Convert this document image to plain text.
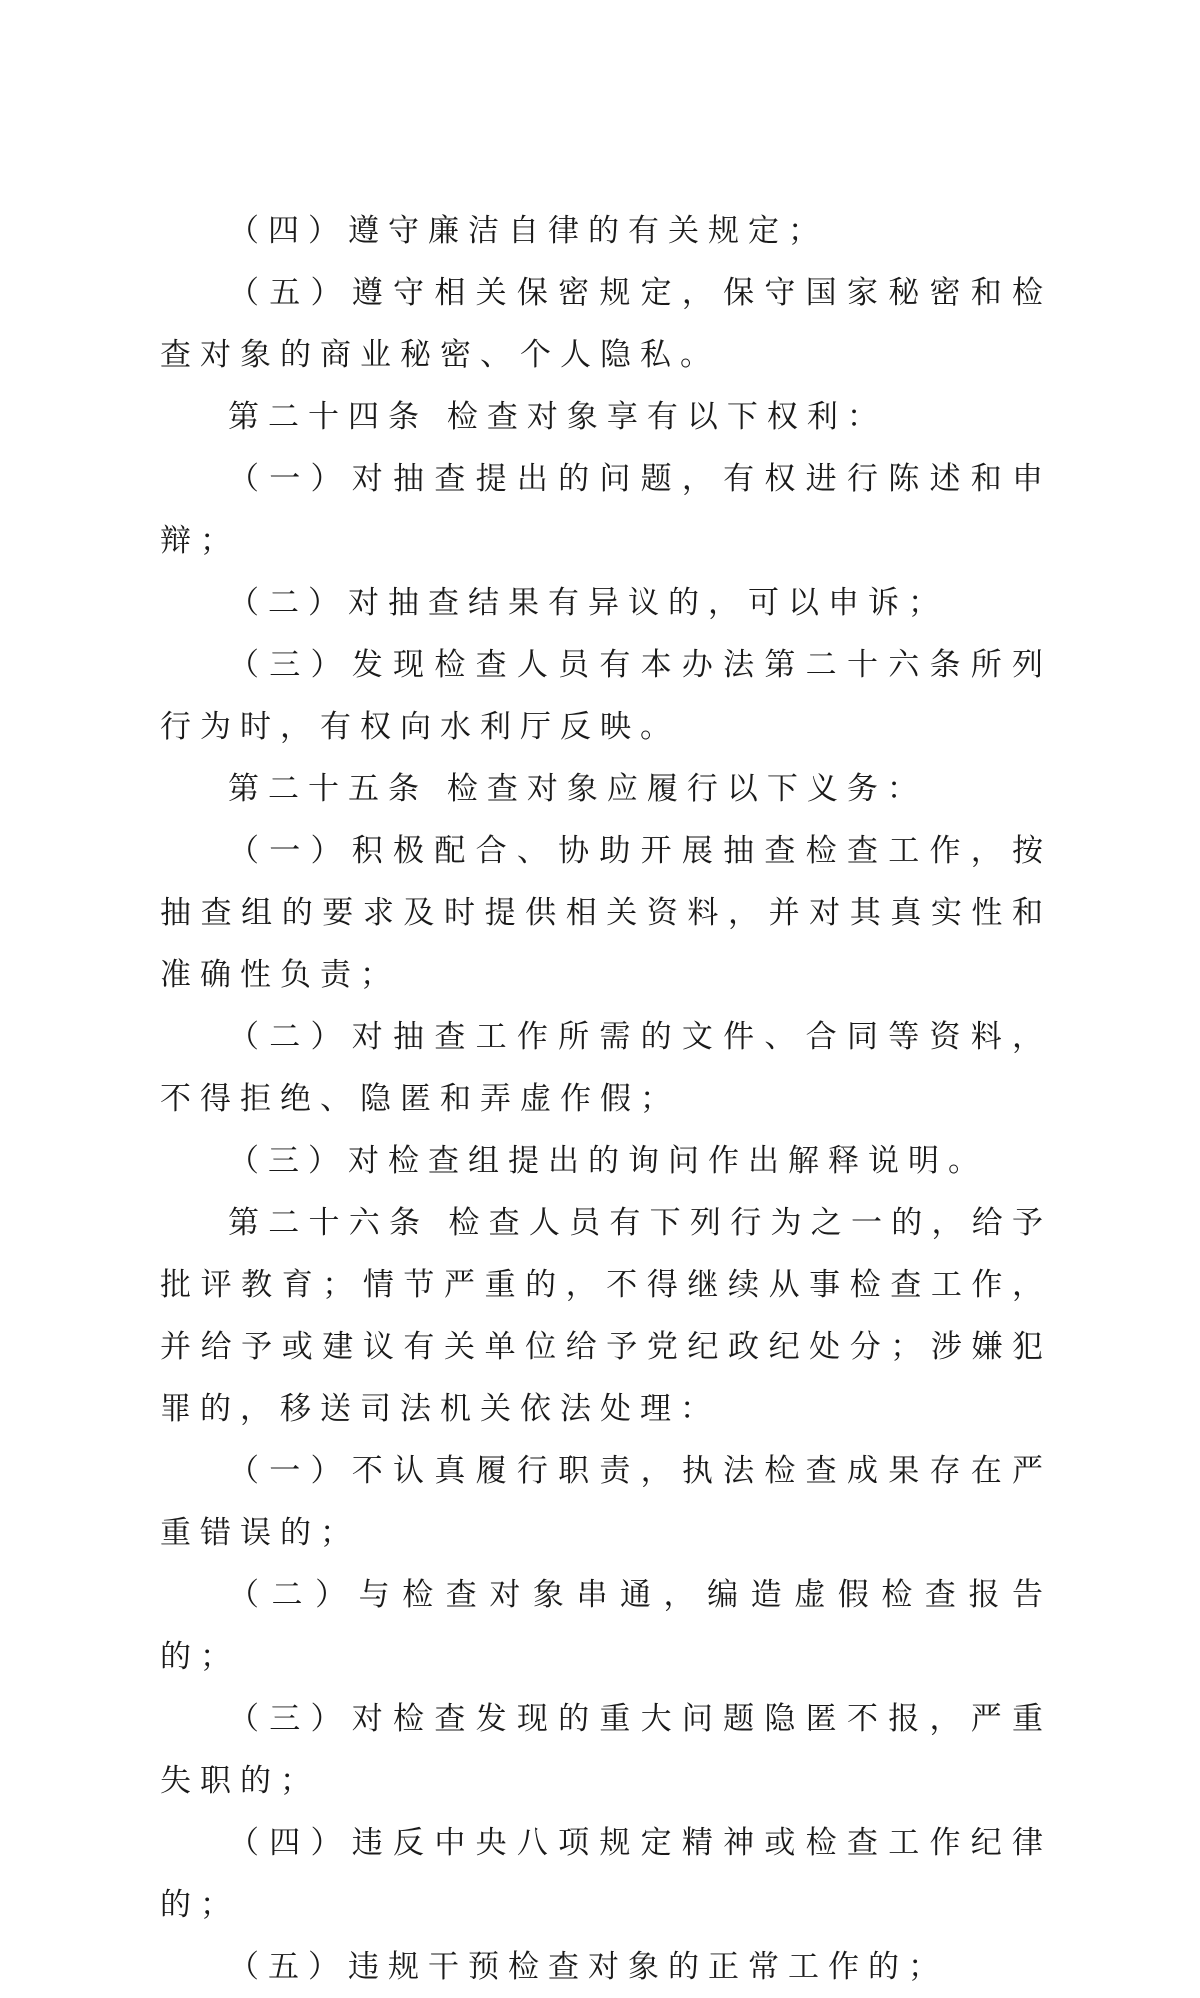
（四）遵守廉洁自律的有关规定；

（五）遵守相关保密规定，保守国家秘密和检查对象的商业秘密、个人隐私。

第二十四条 检查对象享有以下权利：

（一）对抽查提出的问题，有权进行陈述和申辩；

（二）对抽查结果有异议的，可以申诉；

（三）发现检查人员有本办法第二十六条所列行为时，有权向水利厅反映。

第二十五条 检查对象应履行以下义务：

（一）积极配合、协助开展抽查检查工作，按抽查组的要求及时提供相关资料，并对其真实性和准确性负责；

（二）对抽查工作所需的文件、合同等资料，不得拒绝、隐匿和弄虚作假；

（三）对检查组提出的询问作出解释说明。

第二十六条 检查人员有下列行为之一的，给予批评教育；情节严重的，不得继续从事检查工作，并给予或建议有关单位给予党纪政纪处分；涉嫌犯罪的，移送司法机关依法处理：

（一）不认真履行职责，执法检查成果存在严重错误的；

（二）与检查对象串通，编造虚假检查报告的；

（三）对检查发现的重大问题隐匿不报，严重失职的；

（四）违反中央八项规定精神或检查工作纪律的；

（五）违规干预检查对象的正常工作的；
